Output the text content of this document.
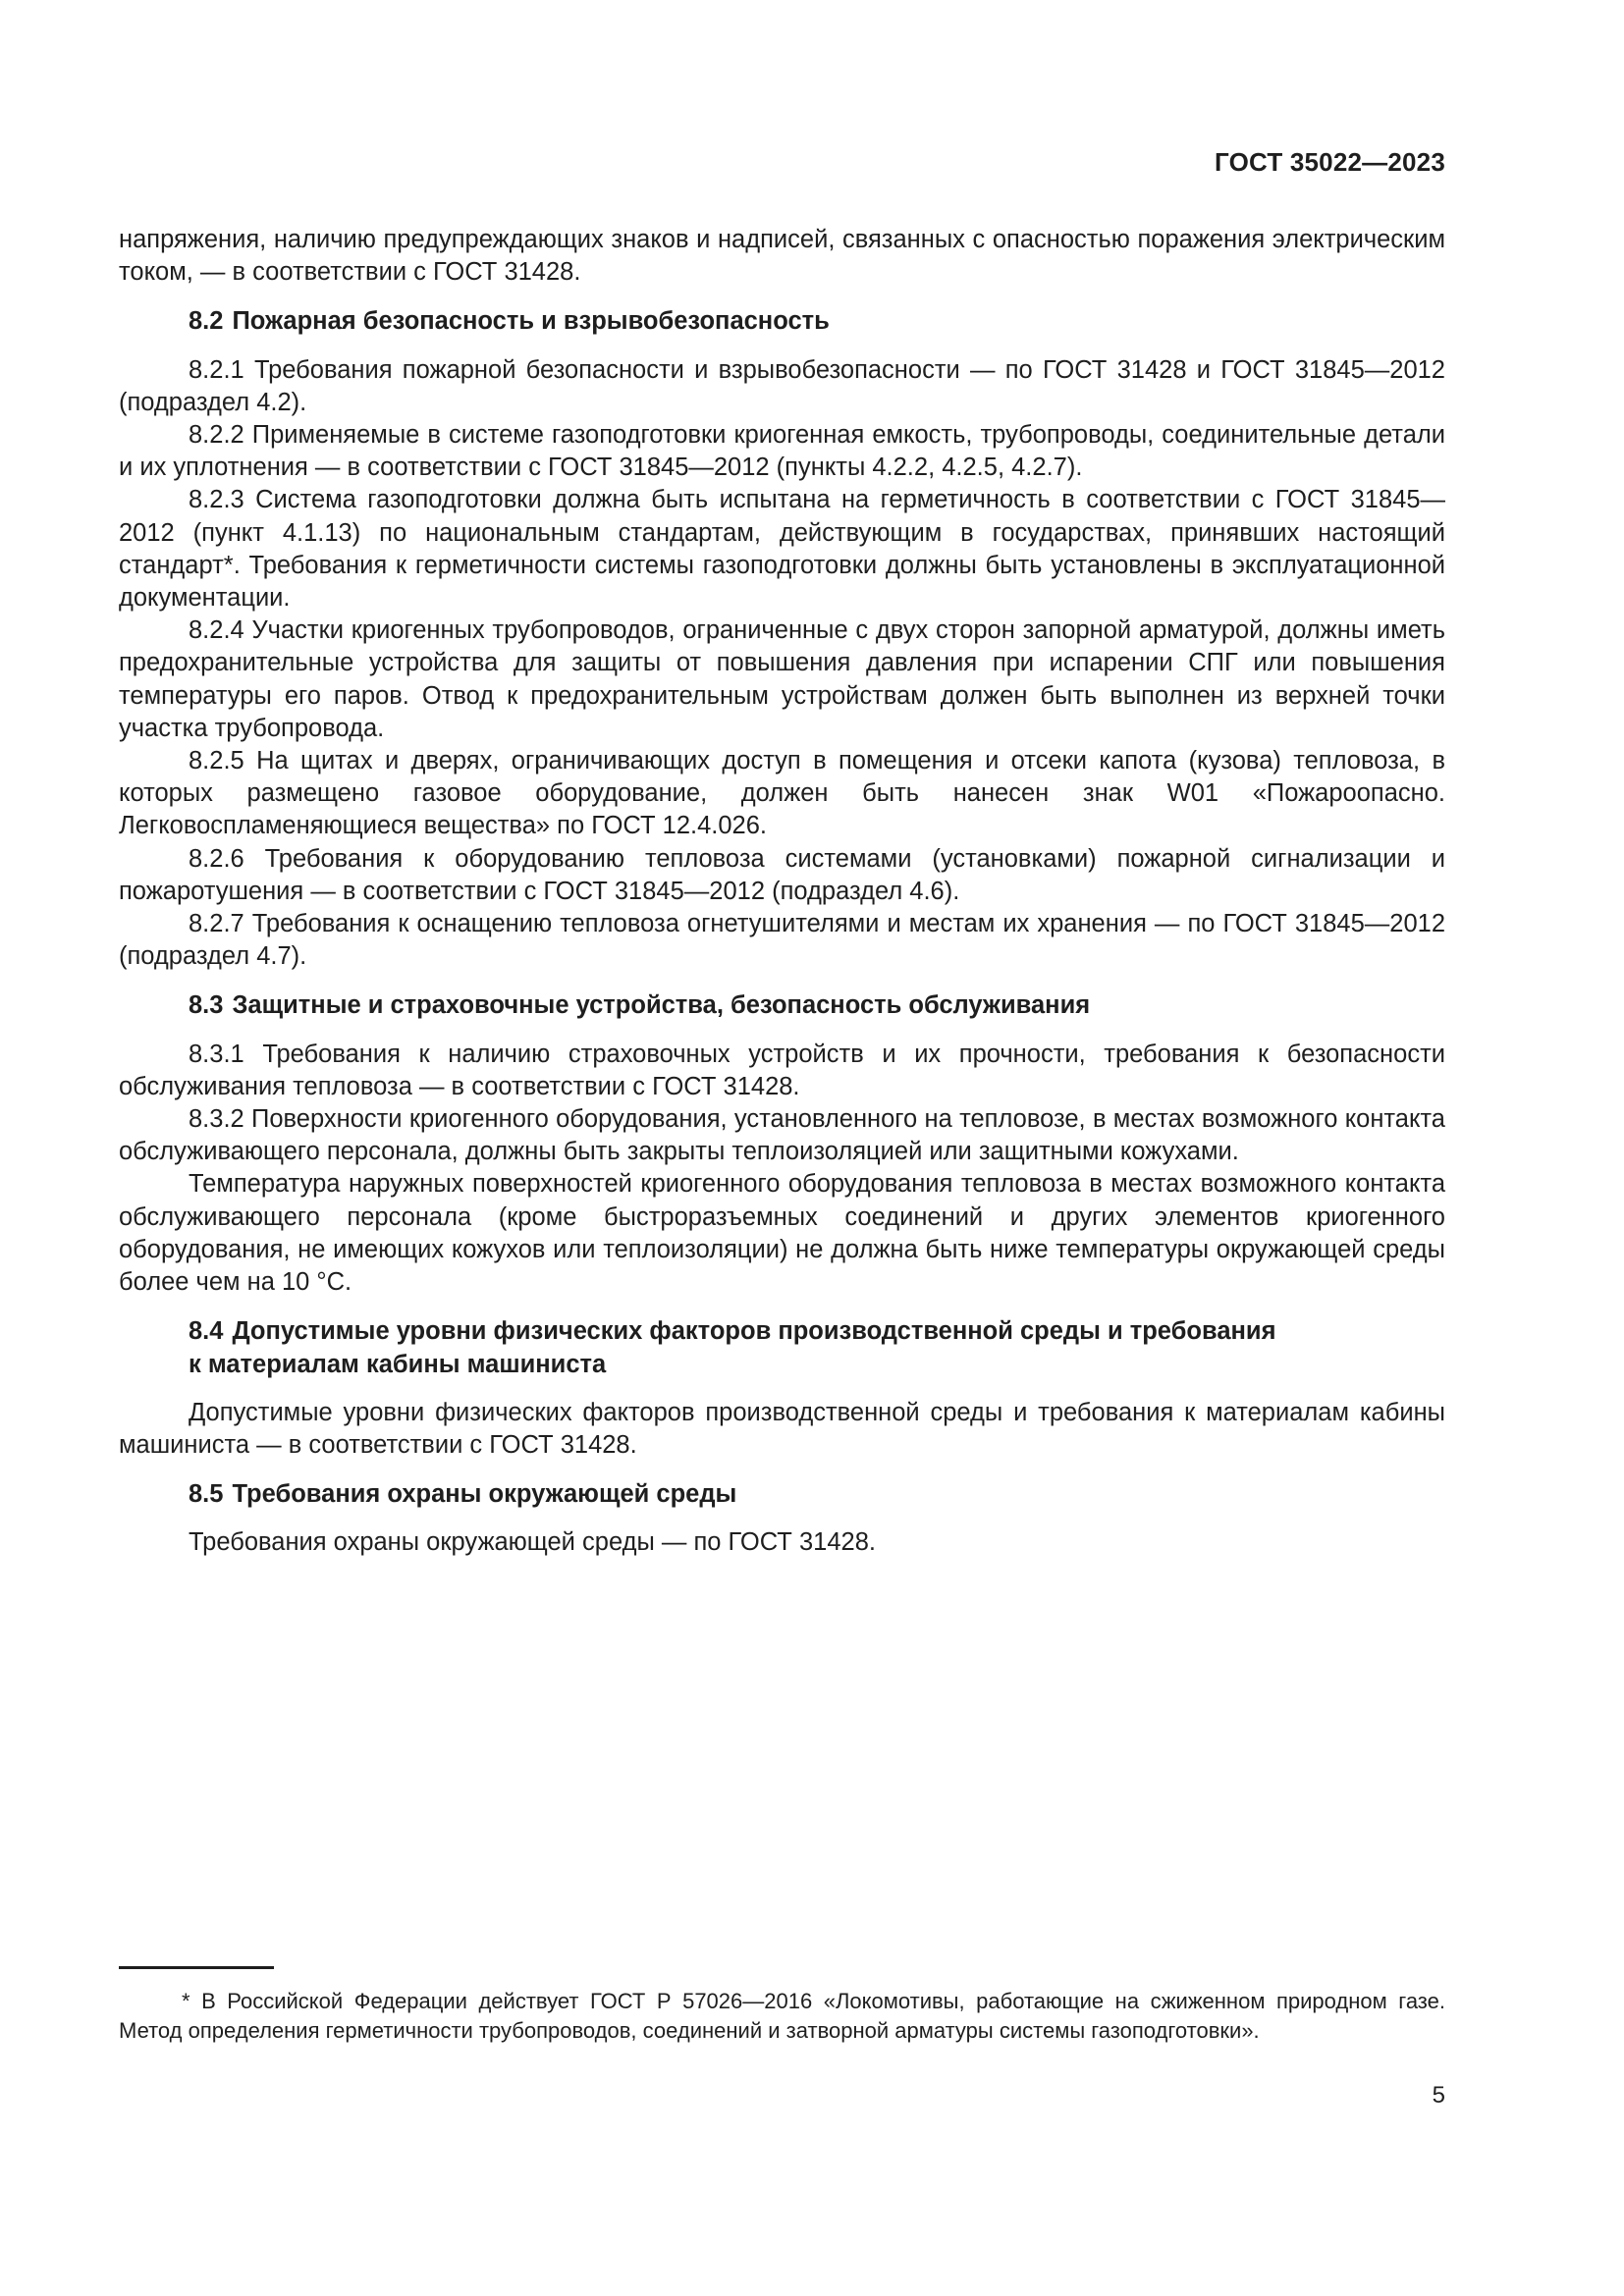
ГОСТ 35022—2023

напряжения, наличию предупреждающих знаков и надписей, связанных с опасностью поражения электрическим током, — в соответствии с ГОСТ 31428.

8.2 Пожарная безопасность и взрывобезопасность

8.2.1 Требования пожарной безопасности и взрывобезопасности — по ГОСТ 31428 и ГОСТ 31845—2012 (подраздел 4.2).

8.2.2 Применяемые в системе газоподготовки криогенная емкость, трубопроводы, соединительные детали и их уплотнения — в соответствии с ГОСТ 31845—2012 (пункты 4.2.2, 4.2.5, 4.2.7).

8.2.3 Система газоподготовки должна быть испытана на герметичность в соответствии с ГОСТ 31845—2012 (пункт 4.1.13) по национальным стандартам, действующим в государствах, принявших настоящий стандарт*. Требования к герметичности системы газоподготовки должны быть установлены в эксплуатационной документации.

8.2.4 Участки криогенных трубопроводов, ограниченные с двух сторон запорной арматурой, должны иметь предохранительные устройства для защиты от повышения давления при испарении СПГ или повышения температуры его паров. Отвод к предохранительным устройствам должен быть выполнен из верхней точки участка трубопровода.

8.2.5 На щитах и дверях, ограничивающих доступ в помещения и отсеки капота (кузова) тепловоза, в которых размещено газовое оборудование, должен быть нанесен знак W01 «Пожароопасно. Легковоспламеняющиеся вещества» по ГОСТ 12.4.026.

8.2.6 Требования к оборудованию тепловоза системами (установками) пожарной сигнализации и пожаротушения — в соответствии с ГОСТ 31845—2012 (подраздел 4.6).

8.2.7 Требования к оснащению тепловоза огнетушителями и местам их хранения — по ГОСТ 31845—2012 (подраздел 4.7).

8.3 Защитные и страховочные устройства, безопасность обслуживания

8.3.1 Требования к наличию страховочных устройств и их прочности, требования к безопасности обслуживания тепловоза — в соответствии с ГОСТ 31428.

8.3.2 Поверхности криогенного оборудования, установленного на тепловозе, в местах возможного контакта обслуживающего персонала, должны быть закрыты теплоизоляцией или защитными кожухами.

Температура наружных поверхностей криогенного оборудования тепловоза в местах возможного контакта обслуживающего персонала (кроме быстроразъемных соединений и других элементов криогенного оборудования, не имеющих кожухов или теплоизоляции) не должна быть ниже температуры окружающей среды более чем на 10 °С.

8.4 Допустимые уровни физических факторов производственной среды и требования
к материалам кабины машиниста

Допустимые уровни физических факторов производственной среды и требования к материалам кабины машиниста — в соответствии с ГОСТ 31428.

8.5 Требования охраны окружающей среды

Требования охраны окружающей среды — по ГОСТ 31428.

* В Российской Федерации действует ГОСТ Р 57026—2016 «Локомотивы, работающие на сжиженном природном газе. Метод определения герметичности трубопроводов, соединений и затворной арматуры системы газоподготовки».

5
